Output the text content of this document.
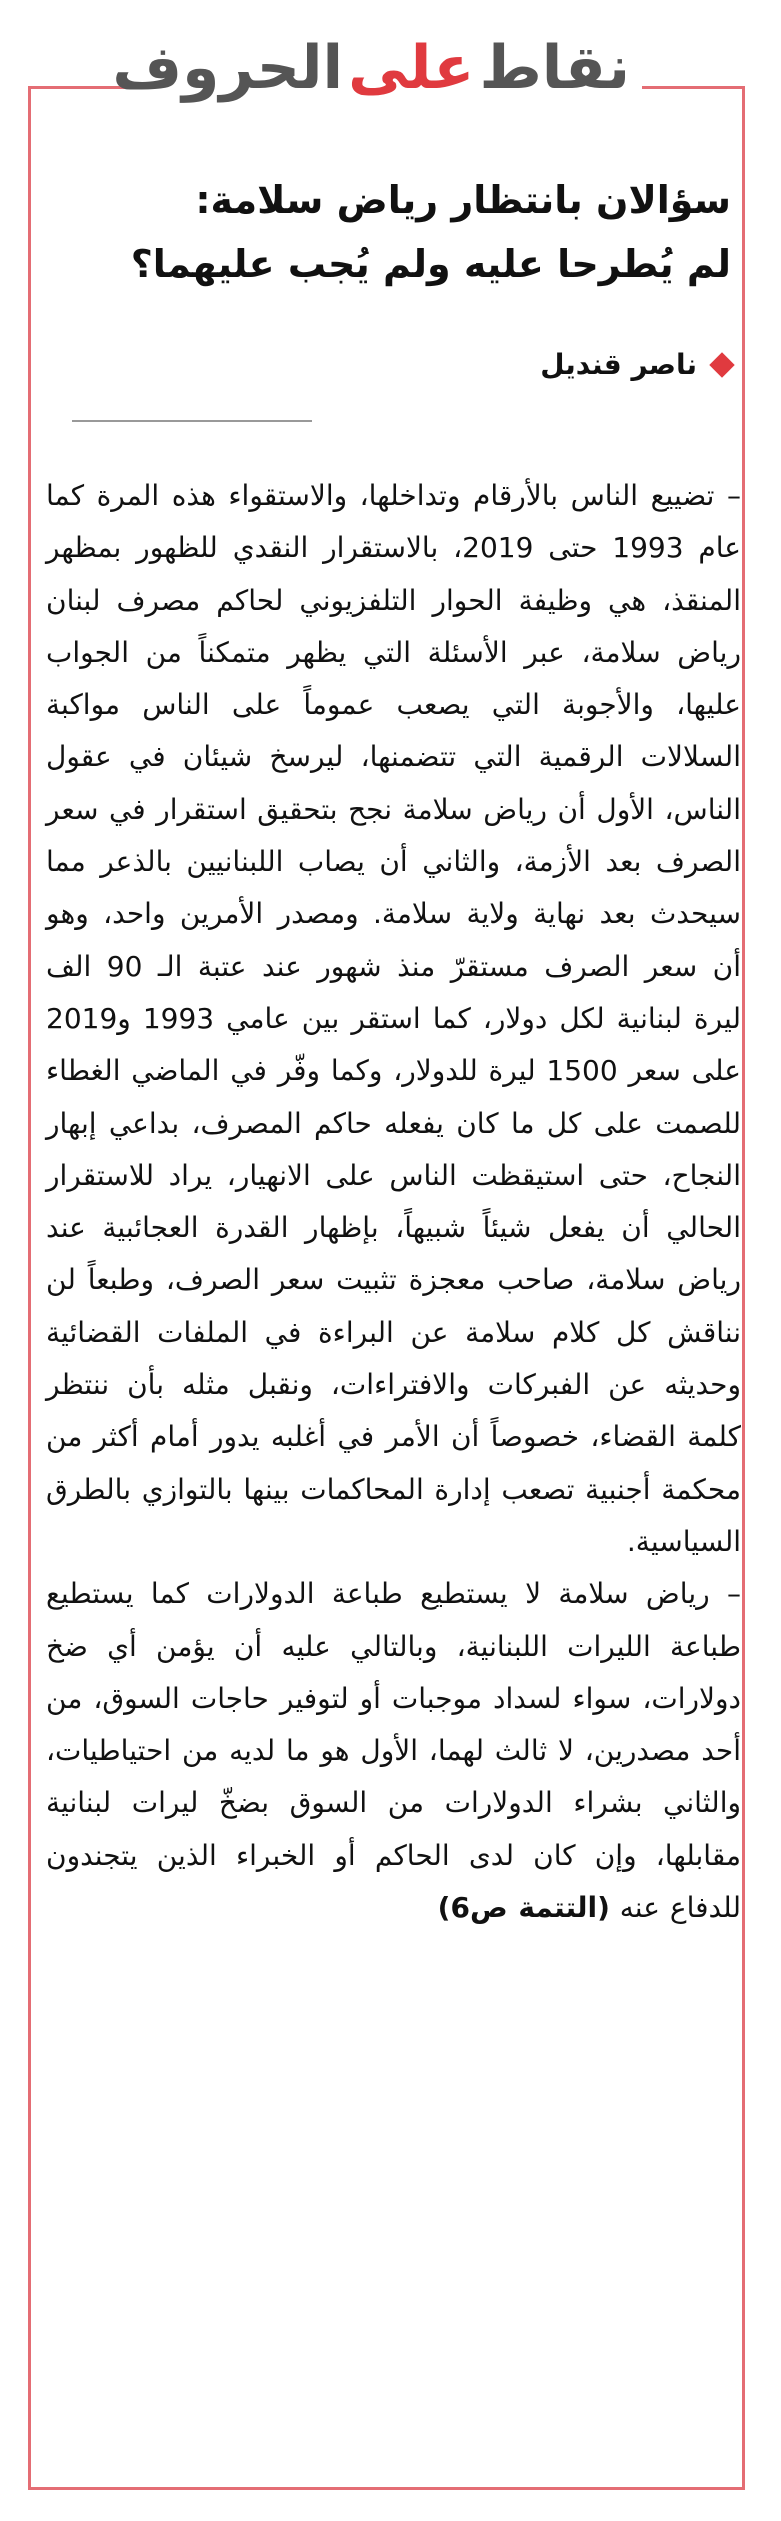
نقاط على الحروف
سؤالان بانتظار رياض سلامة:
لم يُطرحا عليه ولم يُجب عليهما؟
ناصر قنديل

– تضييع الناس بالأرقام وتداخلها، والاستقواء هذه المرة كما عام 1993 حتى 2019، بالاستقرار النقدي للظهور بمظهر المنقذ، هي وظيفة الحوار التلفزيوني لحاكم مصرف لبنان رياض سلامة، عبر الأسئلة التي يظهر متمكناً من الجواب عليها، والأجوبة التي يصعب عموماً على الناس مواكبة السلالات الرقمية التي تتضمنها، ليرسخ شيئان في عقول الناس، الأول أن رياض سلامة نجح بتحقيق استقرار في سعر الصرف بعد الأزمة، والثاني أن يصاب اللبنانيين بالذعر مما سيحدث بعد نهاية ولاية سلامة. ومصدر الأمرين واحد، وهو أن سعر الصرف مستقرّ منذ شهور عند عتبة الـ 90 الف ليرة لبنانية لكل دولار، كما استقر بين عامي 1993 و2019 على سعر 1500 ليرة للدولار، وكما وفّر في الماضي الغطاء للصمت على كل ما كان يفعله حاكم المصرف، بداعي إبهار النجاح، حتى استيقظت الناس على الانهيار، يراد للاستقرار الحالي أن يفعل شيئاً شبيهاً، بإظهار القدرة العجائبية عند رياض سلامة، صاحب معجزة تثبيت سعر الصرف، وطبعاً لن نناقش كل كلام سلامة عن البراءة في الملفات القضائية وحديثه عن الفبركات والافتراءات، ونقبل مثله بأن ننتظر كلمة القضاء، خصوصاً أن الأمر في أغلبه يدور أمام أكثر من محكمة أجنبية تصعب إدارة المحاكمات بينها بالتوازي بالطرق السياسية.

– رياض سلامة لا يستطيع طباعة الدولارات كما يستطيع طباعة الليرات اللبنانية، وبالتالي عليه أن يؤمن أي ضخ دولارات، سواء لسداد موجبات أو لتوفير حاجات السوق، من أحد مصدرين، لا ثالث لهما، الأول هو ما لديه من احتياطيات، والثاني بشراء الدولارات من السوق بضخّ ليرات لبنانية مقابلها، وإن كان لدى الحاكم أو الخبراء الذين يتجندون للدفاع عنه (التتمة ص6)
